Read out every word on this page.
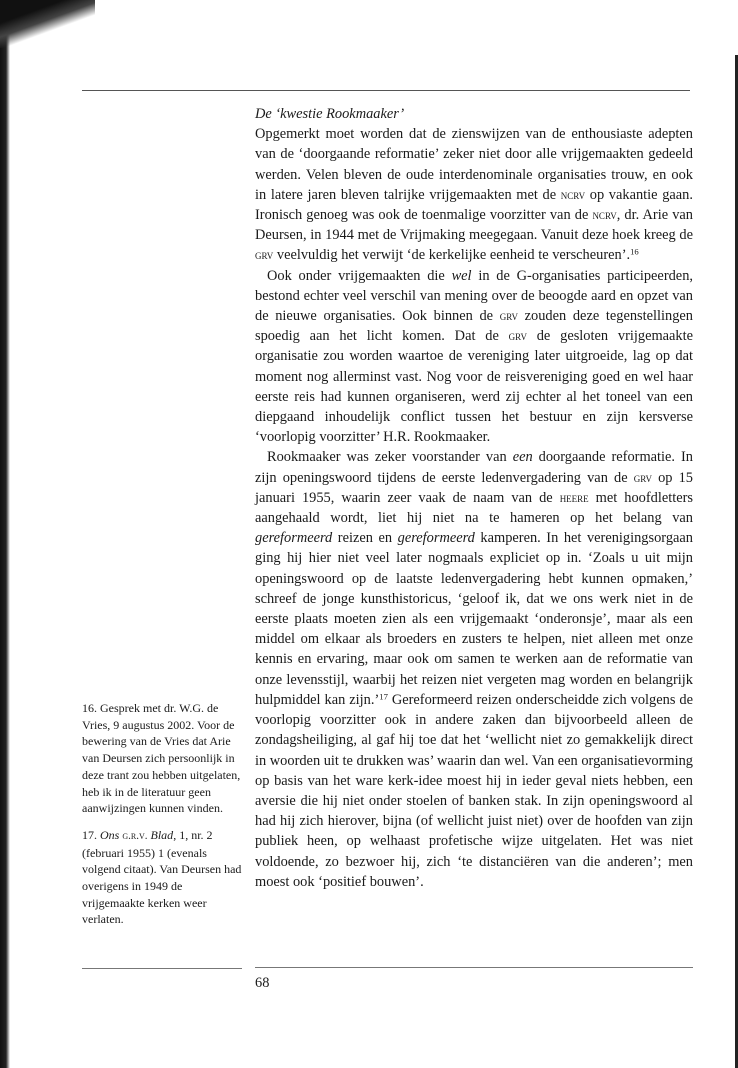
De ‘kwestie Rookmaaker’

Opgemerkt moet worden dat de zienswijzen van de enthousiaste adepten van de ‘doorgaande reformatie’ zeker niet door alle vrijgemaakten gedeeld werden. Velen bleven de oude interdenominale organisaties trouw, en ook in latere jaren bleven talrijke vrijgemaakten met de ncrv op vakantie gaan. Ironisch genoeg was ook de toenmalige voorzitter van de ncrv, dr. Arie van Deursen, in 1944 met de Vrijmaking meegegaan. Vanuit deze hoek kreeg de grv veelvuldig het verwijt ‘de kerkelijke eenheid te verscheuren’.$^{16}$

Ook onder vrijgemaakten die wel in de G-organisaties participeerden, bestond echter veel verschil van mening over de beoogde aard en opzet van de nieuwe organisaties. Ook binnen de grv zouden deze tegenstellingen spoedig aan het licht komen. Dat de grv de gesloten vrijgemaakte organisatie zou worden waartoe de vereniging later uitgroeide, lag op dat moment nog allerminst vast. Nog voor de reisvereniging goed en wel haar eerste reis had kunnen organiseren, werd zij echter al het toneel van een diepgaand inhoudelijk conflict tussen het bestuur en zijn kersverse ‘voorlopig voorzitter’ H.R. Rookmaaker.

Rookmaaker was zeker voorstander van een doorgaande reformatie. In zijn openingswoord tijdens de eerste ledenvergadering van de grv op 15 januari 1955, waarin zeer vaak de naam van de heere met hoofdletters aangehaald wordt, liet hij niet na te hameren op het belang van gereformeerd reizen en gereformeerd kamperen. In het verenigingsorgaan ging hij hier niet veel later nogmaals expliciet op in. ‘Zoals u uit mijn openingswoord op de laatste ledenvergadering hebt kunnen opmaken,’ schreef de jonge kunsthistoricus, ‘geloof ik, dat we ons werk niet in de eerste plaats moeten zien als een vrijgemaakt ‘onderonsje’, maar als een middel om elkaar als broeders en zusters te helpen, niet alleen met onze kennis en ervaring, maar ook om samen te werken aan de reformatie van onze levensstijl, waarbij het reizen niet vergeten mag worden en belangrijk hulpmiddel kan zijn.’$^{17}$ Gereformeerd reizen onderscheidde zich volgens de voorlopig voorzitter ook in andere zaken dan bijvoorbeeld alleen de zondagsheiliging, al gaf hij toe dat het ‘wellicht niet zo gemakkelijk direct in woorden uit te drukken was’ waarin dan wel. Van een organisatievorming op basis van het ware kerk-idee moest hij in ieder geval niets hebben, een aversie die hij niet onder stoelen of banken stak. In zijn openingswoord al had hij zich hierover, bijna (of wellicht juist niet) over de hoofden van zijn publiek heen, op welhaast profetische wijze uitgelaten. Het was niet voldoende, zo bezwoer hij, zich ‘te distanciëren van die anderen’; men moest ook ‘positief bouwen’.

16. Gesprek met dr. W.G. de Vries, 9 augustus 2002. Voor de bewering van de Vries dat Arie van Deursen zich persoonlijk in deze trant zou hebben uitgelaten, heb ik in de literatuur geen aanwijzingen kunnen vinden.

17. Ons g.r.v. Blad, 1, nr. 2 (februari 1955) 1 (evenals volgend citaat). Van Deursen had overigens in 1949 de vrijgemaakte kerken weer verlaten.

68
